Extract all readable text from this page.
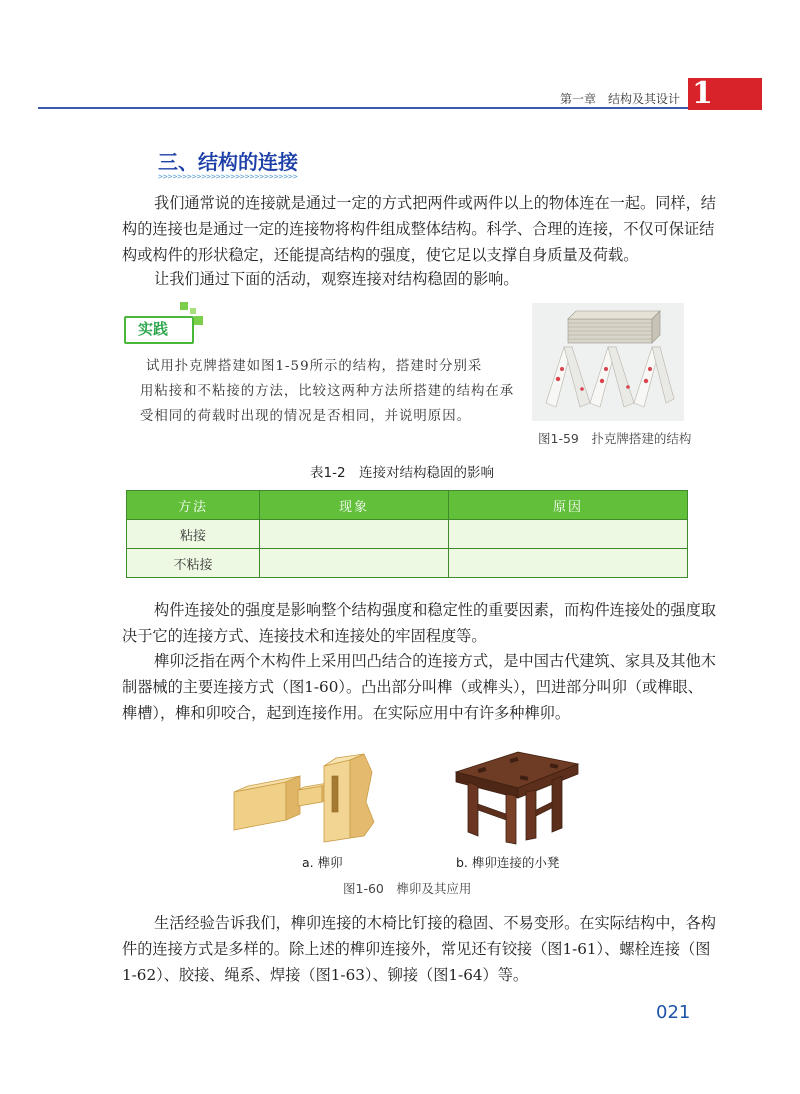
第一章　结构及其设计 1
三、结构的连接
>>>>>>>>>>>>>>>>>>>>>>>>>>>>>
我们通常说的连接就是通过一定的方式把两件或两件以上的物体连在一起。同样，结
构的连接也是通过一定的连接物将构件组成整体结构。科学、合理的连接，不仅可保证结
构或构件的形状稳定，还能提高结构的强度，使它足以支撑自身质量及荷载。
让我们通过下面的活动，观察连接对结构稳固的影响。
实践
试用扑克牌搭建如图1-59所示的结构，搭建时分别采
用粘接和不粘接的方法，比较这两种方法所搭建的结构在承
受相同的荷载时出现的情况是否相同，并说明原因。
图1-59　扑克牌搭建的结构
表1-2　连接对结构稳固的影响
方法	现象	原因
粘接		
不粘接		
构件连接处的强度是影响整个结构强度和稳定性的重要因素，而构件连接处的强度取
决于它的连接方式、连接技术和连接处的牢固程度等。
榫卯泛指在两个木构件上采用凹凸结合的连接方式，是中国古代建筑、家具及其他木
制器械的主要连接方式（图1-60）。凸出部分叫榫（或榫头），凹进部分叫卯（或榫眼、
榫槽），榫和卯咬合，起到连接作用。在实际应用中有许多种榫卯。
a. 榫卯	b. 榫卯连接的小凳
图1-60　榫卯及其应用
生活经验告诉我们，榫卯连接的木椅比钉接的稳固、不易变形。在实际结构中，各构
件的连接方式是多样的。除上述的榫卯连接外，常见还有铰接（图1-61）、螺栓连接（图
1-62）、胶接、绳系、焊接（图1-63）、铆接（图1-64）等。
021
